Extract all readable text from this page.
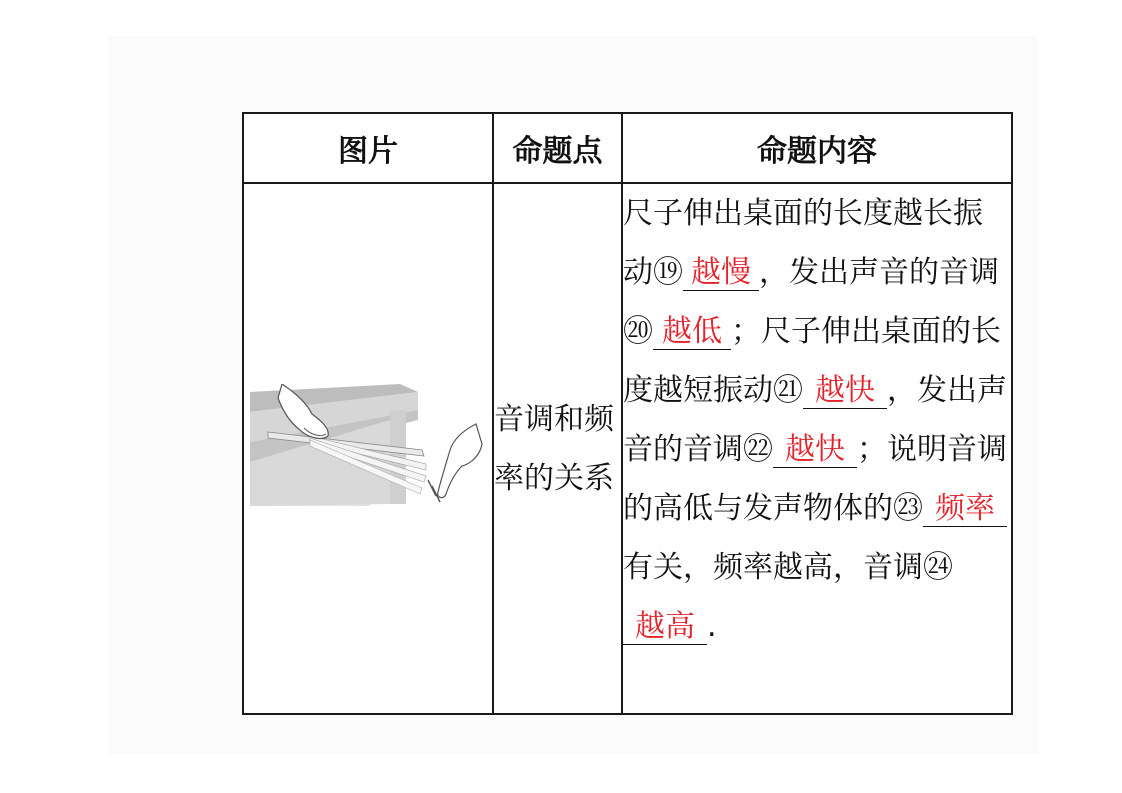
图片	命题点	命题内容

	音调和频率的关系	尺子伸出桌面的长度越长振动⑲ 越慢 ，发出声音的音调⑳ 越低 ；尺子伸出桌面的长度越短振动㉑ 越快 ，发出声音的音调㉒ 越快 ；说明音调的高低与发声物体的㉓ 频率有关，频率越高，音调㉔越高 .
